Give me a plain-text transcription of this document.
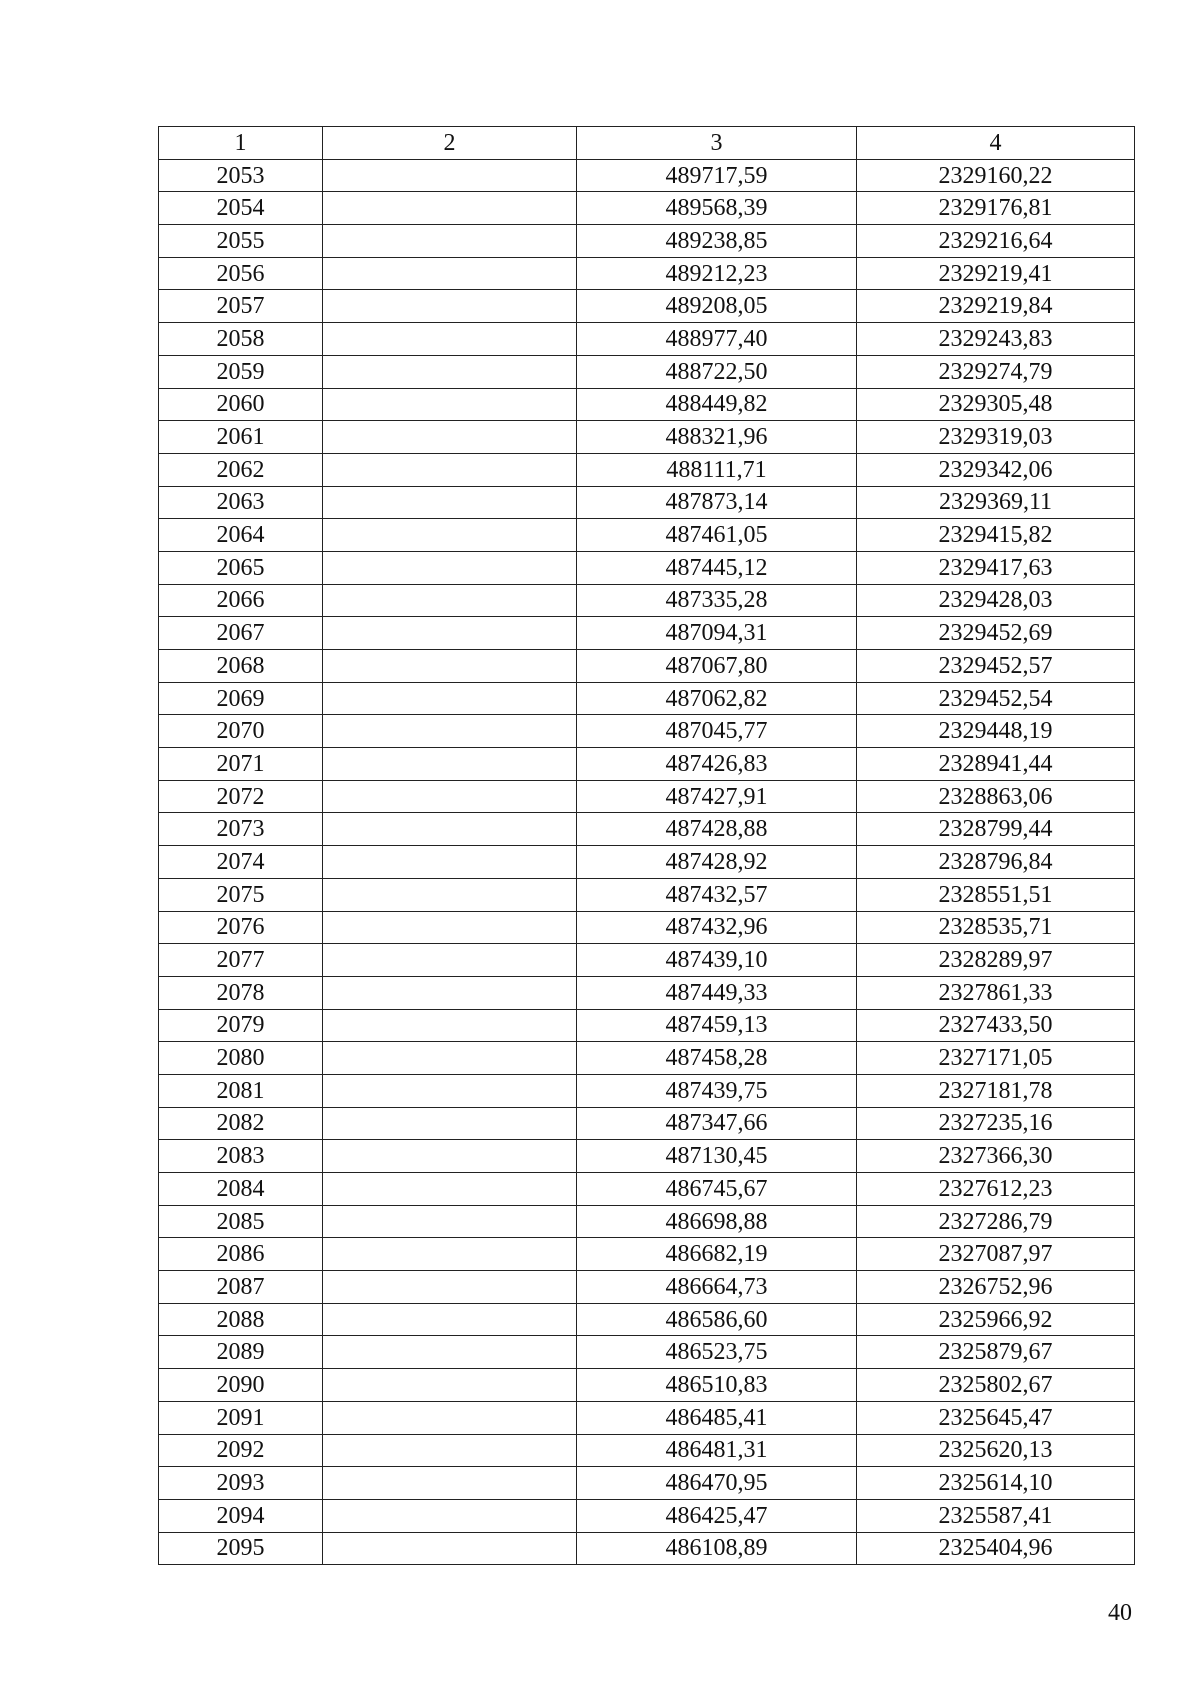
1	2	3	4
2053		489717,59	2329160,22
2054		489568,39	2329176,81
2055		489238,85	2329216,64
2056		489212,23	2329219,41
2057		489208,05	2329219,84
2058		488977,40	2329243,83
2059		488722,50	2329274,79
2060		488449,82	2329305,48
2061		488321,96	2329319,03
2062		488111,71	2329342,06
2063		487873,14	2329369,11
2064		487461,05	2329415,82
2065		487445,12	2329417,63
2066		487335,28	2329428,03
2067		487094,31	2329452,69
2068		487067,80	2329452,57
2069		487062,82	2329452,54
2070		487045,77	2329448,19
2071		487426,83	2328941,44
2072		487427,91	2328863,06
2073		487428,88	2328799,44
2074		487428,92	2328796,84
2075		487432,57	2328551,51
2076		487432,96	2328535,71
2077		487439,10	2328289,97
2078		487449,33	2327861,33
2079		487459,13	2327433,50
2080		487458,28	2327171,05
2081		487439,75	2327181,78
2082		487347,66	2327235,16
2083		487130,45	2327366,30
2084		486745,67	2327612,23
2085		486698,88	2327286,79
2086		486682,19	2327087,97
2087		486664,73	2326752,96
2088		486586,60	2325966,92
2089		486523,75	2325879,67
2090		486510,83	2325802,67
2091		486485,41	2325645,47
2092		486481,31	2325620,13
2093		486470,95	2325614,10
2094		486425,47	2325587,41
2095		486108,89	2325404,96
40
